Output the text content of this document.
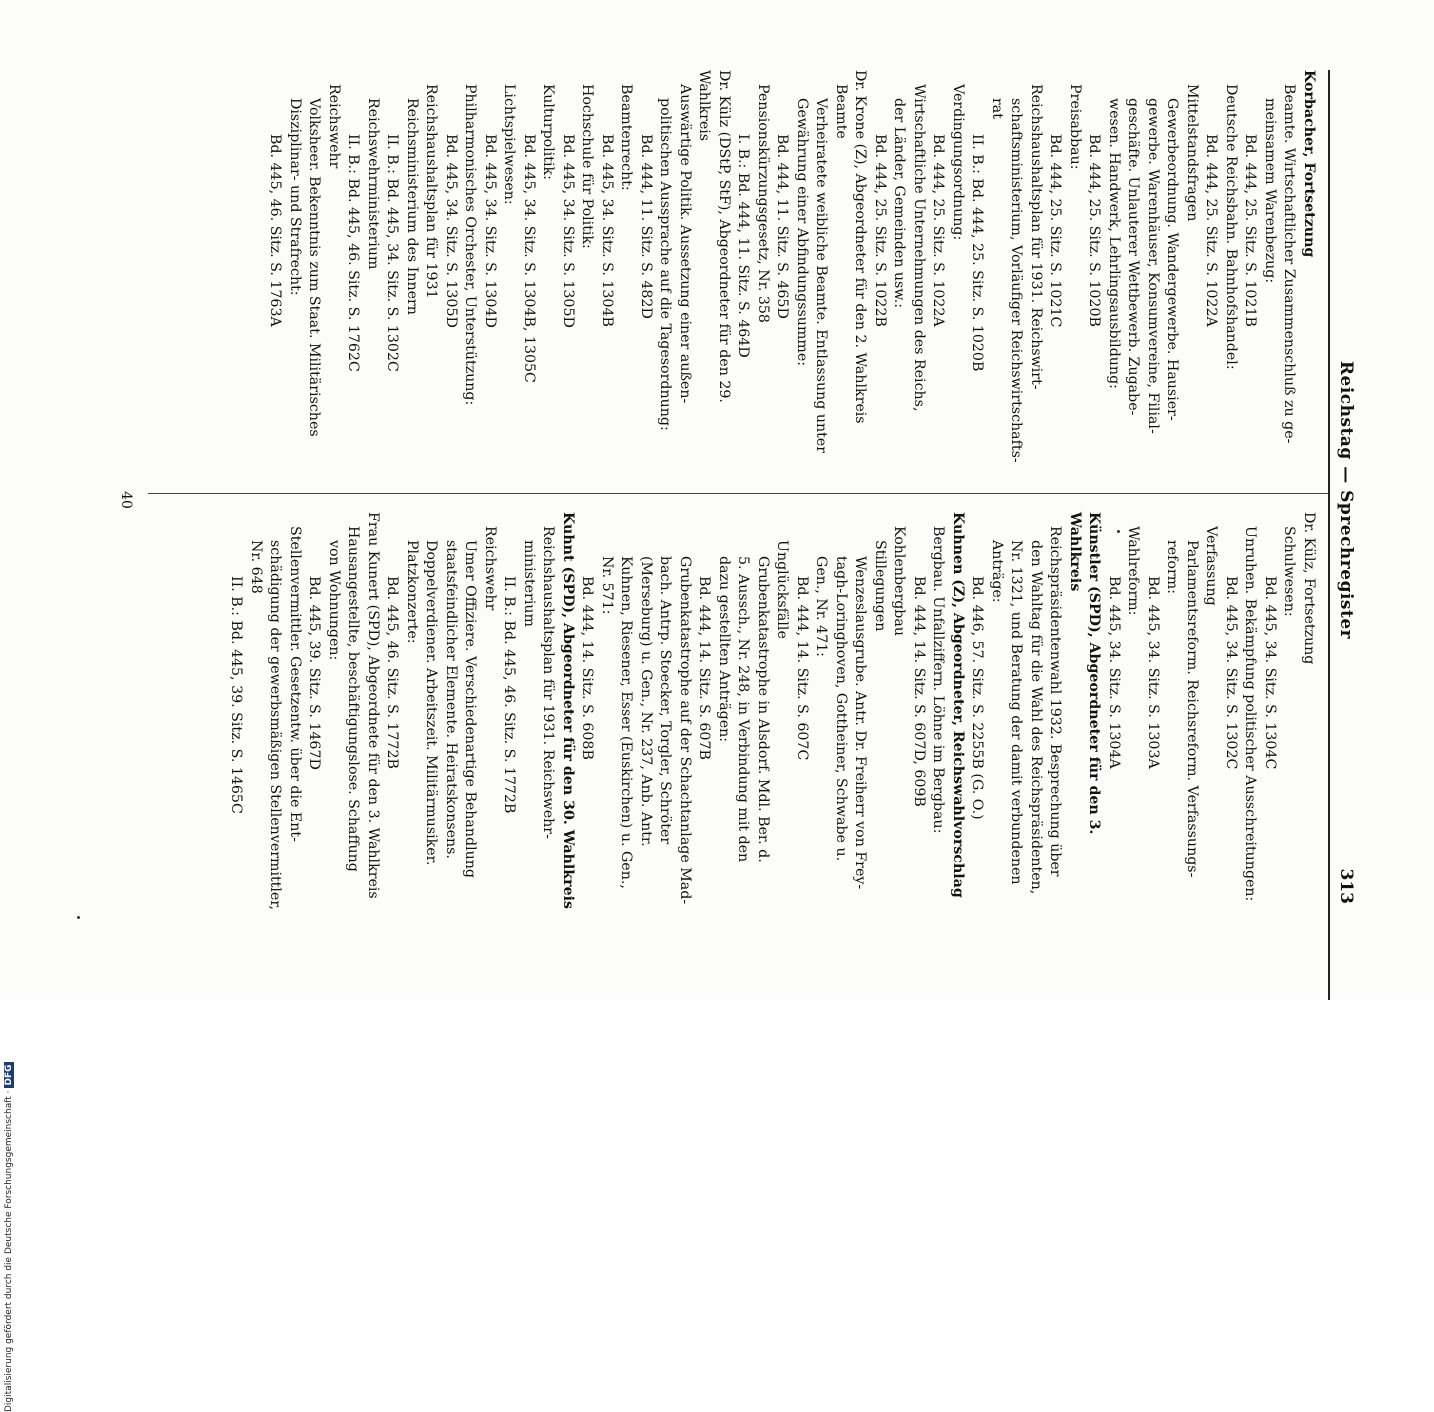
Reichstag — Sprechregister
313
Korbacher, Fortsetzung
Beamte. Wirtschaftlicher Zusammenschluß zu ge-
meinsamem Warenbezug:
Bd. 444, 25. Sitz. S. 1021B
Deutsche Reichsbahn. Bahnhofshandel:
Bd. 444, 25. Sitz. S. 1022A
Mittelstandsfragen
Gewerbeordnung. Wandergewerbe. Hausier-
gewerbe. Warenhäuser, Konsumvereine, Filial-
geschäfte. Unlauterer Wettbewerb. Zugabe-
wesen. Handwerk, Lehrlingsausbildung:
Bd. 444, 25. Sitz. S. 1020B
Preisabbau:
Bd. 444, 25. Sitz. S. 1021C
Reichshaushaltsplan für 1931. Reichswirt-
schaftsministerium, Vorläufiger Reichswirtschafts-
rat
II. B.: Bd. 444, 25. Sitz. S. 1020B
Verdingungsordnung:
Bd. 444, 25. Sitz. S. 1022A
Wirtschaftliche Unternehmungen des Reichs,
der Länder, Gemeinden usw.:
Bd. 444, 25. Sitz. S. 1022B
Dr. Krone (Z), Abgeordneter für den 2. Wahlkreis
Beamte
Verheiratete weibliche Beamte. Entlassung unter
Gewährung einer Abfindungssumme:
Bd. 444, 11. Sitz. S. 465D
Pensionskürzungsgesetz, Nr. 358
I. B.: Bd. 444, 11. Sitz. S. 464D
Dr. Külz (DStP, StF), Abgeordneter für den 29. Wahlkreis
Auswärtige Politik. Aussetzung einer außen-
politischen Aussprache auf die Tagesordnung:
Bd. 444, 11. Sitz. S. 482D
Beamtenrecht:
Bd. 445, 34. Sitz. S. 1304B
Hochschule für Politik:
Bd. 445, 34. Sitz. S. 1305D
Kulturpolitik:
Bd. 445, 34. Sitz. S. 1304B, 1305C
Lichtspielwesen:
Bd. 445, 34. Sitz. S. 1304D
Philharmonisches Orchester, Unterstützung:
Bd. 445, 34. Sitz. S. 1305D
Reichshaushaltsplan für 1931
Reichsministerium des Innern
II. B.: Bd. 445, 34. Sitz. S. 1302C
Reichswehrministerium
II. B.: Bd. 445, 46. Sitz. S. 1762C
Reichswehr
Volksheer. Bekenntnis zum Staat. Militärisches
Disziplinar- und Strafrecht:
Bd. 445, 46. Sitz. S. 1763A
Dr. Külz, Fortsetzung
Schulwesen:
Bd. 445, 34. Sitz. S. 1304C
Unruhen. Bekämpfung politischer Ausschreitungen:
Bd. 445, 34. Sitz. S. 1302C
Verfassung
Parlamentsreform. Reichsreform. Verfassungs-
reform:
Bd. 445, 34. Sitz. S. 1303A
Wahlreform:
Bd. 445, 34. Sitz. S. 1304A
Künstler (SPD), Abgeordneter für den 3. Wahlkreis
Reichspräsidentenwahl 1932. Besprechung über
den Wahltag für die Wahl des Reichspräsidenten,
Nr. 1321, und Beratung der damit verbundenen
Anträge:
Bd. 446, 57. Sitz. S. 2255B (G. O.)
Kuhnen (Z), Abgeordneter, Reichswahlvorschlag
Bergbau. Unfallziffern. Löhne im Bergbau:
Bd. 444, 14. Sitz. S. 607D, 609B
Kohlenbergbau
Stillegungen
Wenzeslausgrube. Antr. Dr. Freiherr von Frey-
tagh-Loringhoven, Gottheiner, Schwabe u.
Gen., Nr. 471:
Bd. 444, 14. Sitz. S. 607C
Unglücksfälle
Grubenkatastrophe in Alsdorf. Mdl. Ber. d.
5. Aussch., Nr. 248, in Verbindung mit den
dazu gestellten Anträgen:
Bd. 444, 14. Sitz. S. 607B
Grubenkatastrophe auf der Schachtanlage Mad-
bach. Antrp. Stoecker, Torgler, Schröter
(Merseburg) u. Gen., Nr. 237, Anb. Antr.
Kuhnen, Riesener, Esser (Euskirchen) u. Gen.,
Nr. 571:
Bd. 444, 14. Sitz. S. 608B
Kuhnt (SPD), Abgeordneter für den 30. Wahlkreis
Reichshaushaltsplan für 1931. Reichswehr-
ministerium
II. B.: Bd. 445, 46. Sitz. S. 1772B
Reichswehr
Umer Offiziere. Verschiedenartige Behandlung
staatsfeindlicher Elemente. Heiratskonsens.
Doppelverdiener. Arbeitszeit. Militärmusiker.
Platzkonzerte:
Bd. 445, 46. Sitz. S. 1772B
Frau Kunert (SPD), Abgeordnete für den 3. Wahlkreis
Hausangestellte, beschäftigungslose. Schaffung
von Wohnungen:
Bd. 445, 39. Sitz. S. 1467D
Stellenvermittler. Gesetzentw. über die Ent-
schädigung der gewerbsmäßigen Stellenvermittler,
Nr. 648
II. B.: Bd. 445, 39. Sitz. S. 1465C
40
Digitalisierung gefördert durch die Deutsche Forschungsgemeinschaft ·DFG
